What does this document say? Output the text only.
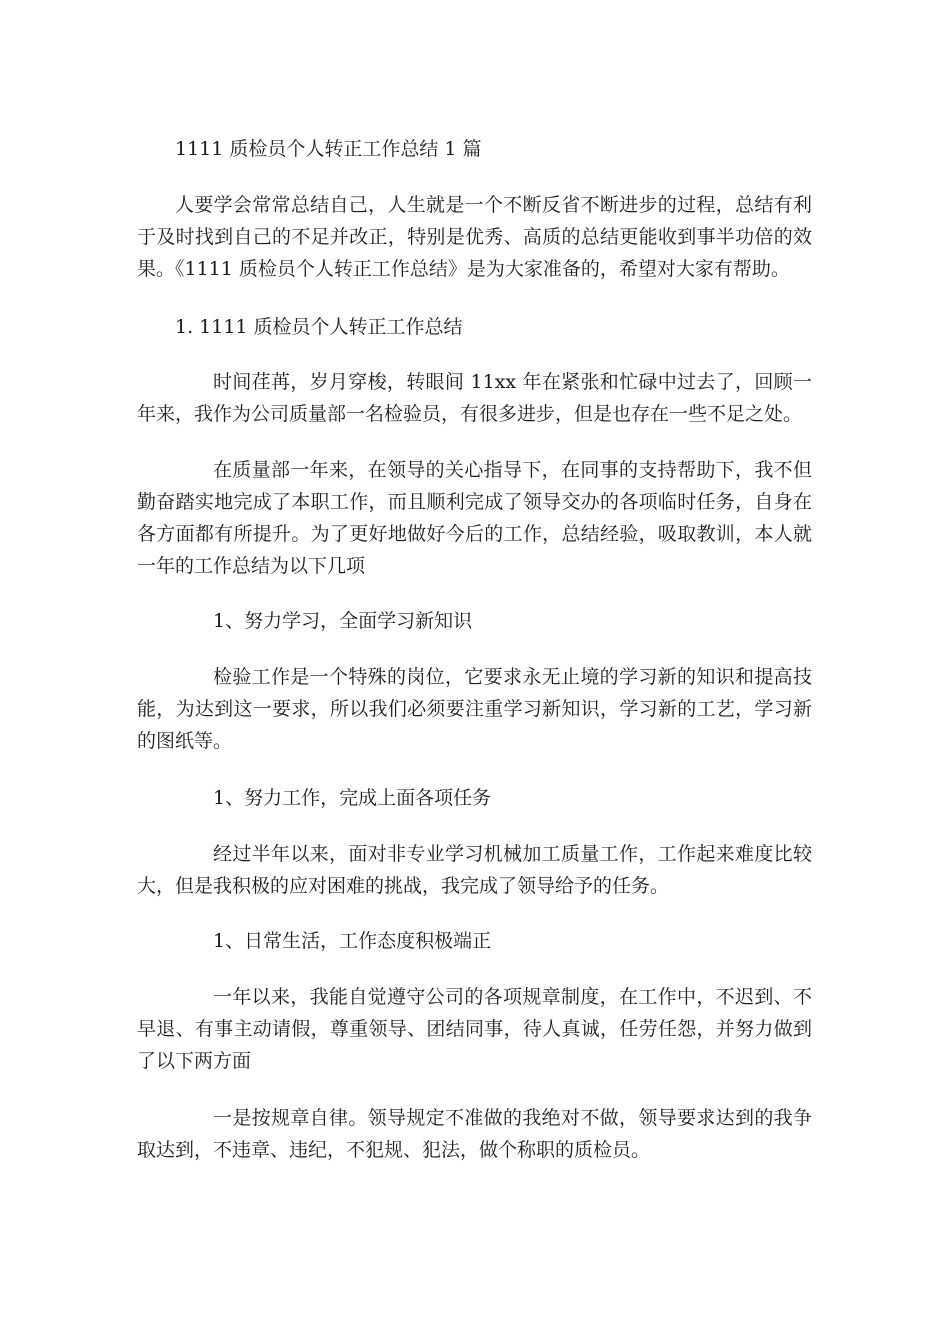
1111 质检员个人转正工作总结 1 篇

人要学会常常总结自己，人生就是一个不断反省不断进步的过程，总结有利于及时找到自己的不足并改正，特别是优秀、高质的总结更能收到事半功倍的效果。《1111 质检员个人转正工作总结》是为大家准备的，希望对大家有帮助。

1. 1111 质检员个人转正工作总结

时间荏苒，岁月穿梭，转眼间 11xx 年在紧张和忙碌中过去了，回顾一年来，我作为公司质量部一名检验员，有很多进步，但是也存在一些不足之处。

在质量部一年来，在领导的关心指导下，在同事的支持帮助下，我不但勤奋踏实地完成了本职工作，而且顺利完成了领导交办的各项临时任务，自身在各方面都有所提升。为了更好地做好今后的工作，总结经验，吸取教训，本人就一年的工作总结为以下几项

1、努力学习，全面学习新知识

检验工作是一个特殊的岗位，它要求永无止境的学习新的知识和提高技能，为达到这一要求，所以我们必须要注重学习新知识，学习新的工艺，学习新的图纸等。

1、努力工作，完成上面各项任务

经过半年以来，面对非专业学习机械加工质量工作，工作起来难度比较大，但是我积极的应对困难的挑战，我完成了领导给予的任务。

1、日常生活，工作态度积极端正

一年以来，我能自觉遵守公司的各项规章制度，在工作中，不迟到、不早退、有事主动请假，尊重领导、团结同事，待人真诚，任劳任怨，并努力做到了以下两方面

一是按规章自律。领导规定不准做的我绝对不做，领导要求达到的我争取达到，不违章、违纪，不犯规、犯法，做个称职的质检员。
